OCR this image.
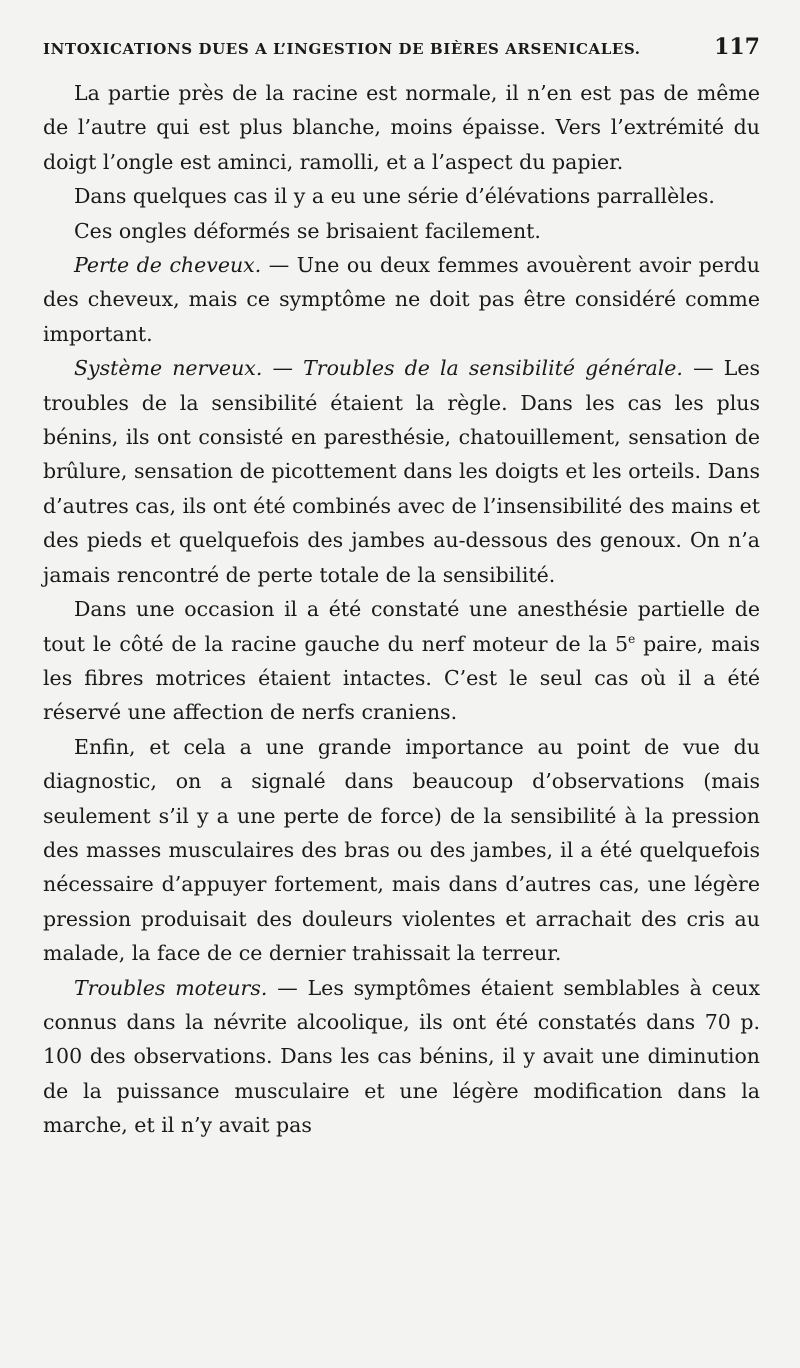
INTOXICATIONS DUES A L’INGESTION DE BIÈRES ARSENICALES.	117

La partie près de la racine est normale, il n’en est pas de même de l’autre qui est plus blanche, moins épaisse. Vers l’extrémité du doigt l’ongle est aminci, ramolli, et a l’aspect du papier.

Dans quelques cas il y a eu une série d’élévations parrallèles.

Ces ongles déformés se brisaient facilement.

Perte de cheveux. — Une ou deux femmes avouèrent avoir perdu des cheveux, mais ce symptôme ne doit pas être considéré comme important.

Système nerveux. — Troubles de la sensibilité générale. — Les troubles de la sensibilité étaient la règle. Dans les cas les plus bénins, ils ont consisté en paresthésie, chatouillement, sensation de brûlure, sensation de picottement dans les doigts et les orteils. Dans d’autres cas, ils ont été combinés avec de l’insensibilité des mains et des pieds et quelquefois des jambes au-dessous des genoux. On n’a jamais rencontré de perte totale de la sensibilité.

Dans une occasion il a été constaté une anesthésie partielle de tout le côté de la racine gauche du nerf moteur de la 5e paire, mais les fibres motrices étaient intactes. C’est le seul cas où il a été réservé une affection de nerfs craniens.

Enfin, et cela a une grande importance au point de vue du diagnostic, on a signalé dans beaucoup d’observations (mais seulement s’il y a une perte de force) de la sensibilité à la pression des masses musculaires des bras ou des jambes, il a été quelquefois nécessaire d’appuyer fortement, mais dans d’autres cas, une légère pression produisait des douleurs violentes et arrachait des cris au malade, la face de ce dernier trahissait la terreur.

Troubles moteurs. — Les symptômes étaient semblables à ceux connus dans la névrite alcoolique, ils ont été constatés dans 70 p. 100 des observations. Dans les cas bénins, il y avait une diminution de la puissance musculaire et une légère modification dans la marche, et il n’y avait pas
